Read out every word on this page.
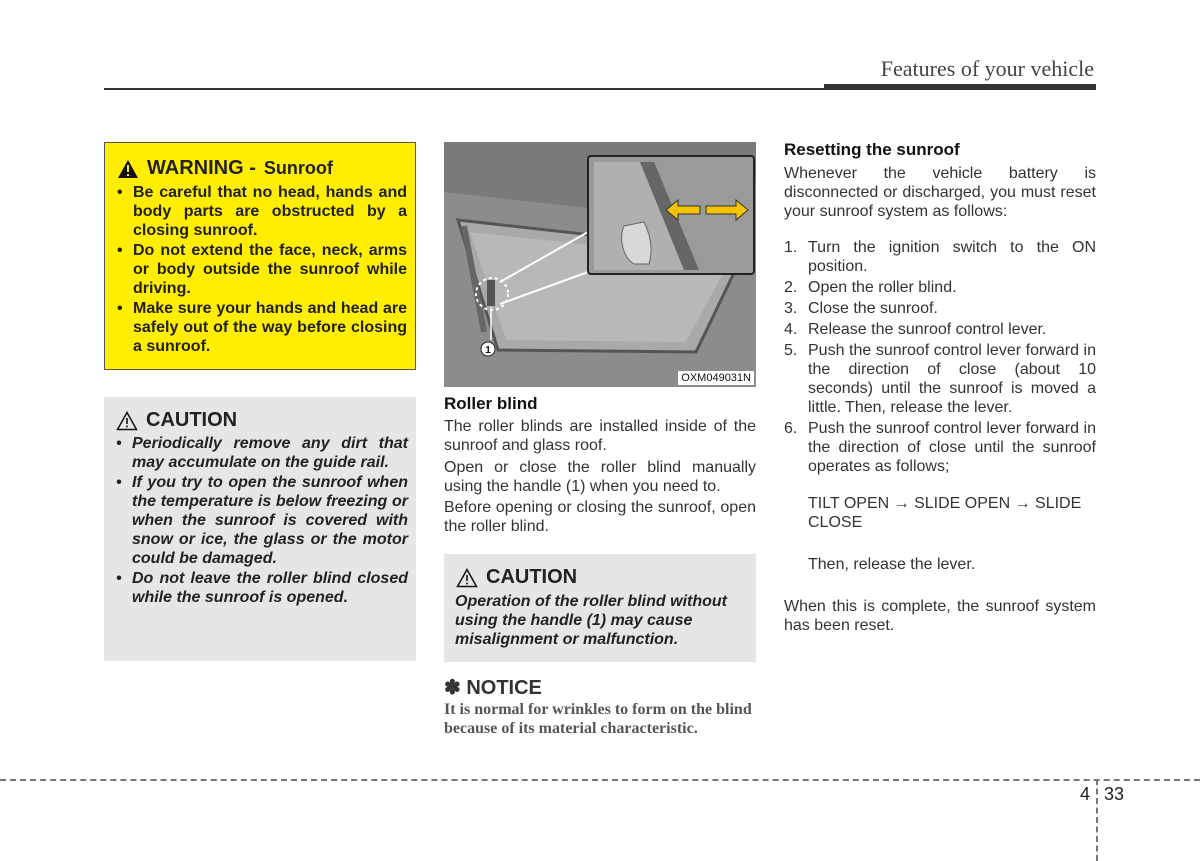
Features of your vehicle
WARNING - Sunroof
• Be careful that no head, hands and body parts are obstructed by a closing sunroof.
• Do not extend the face, neck, arms or body outside the sunroof while driving.
• Make sure your hands and head are safely out of the way before closing a sunroof.
CAUTION
• Periodically remove any dirt that may accumulate on the guide rail.
• If you try to open the sunroof when the temperature is below freezing or when the sunroof is covered with snow or ice, the glass or the motor could be damaged.
• Do not leave the roller blind closed while the sunroof is opened.
1
OXM049031N
Roller blind
The roller blinds are installed inside of the sunroof and glass roof.
Open or close the roller blind manually using the handle (1) when you need to.
Before opening or closing the sunroof, open the roller blind.
CAUTION
Operation of the roller blind without using the handle (1) may cause misalignment or malfunction.
✽ NOTICE
It is normal for wrinkles to form on the blind because of its material characteristic.
Resetting the sunroof
Whenever the vehicle battery is disconnected or discharged, you must reset your sunroof system as follows:
1. Turn the ignition switch to the ON position.
2. Open the roller blind.
3. Close the sunroof.
4. Release the sunroof control lever.
5. Push the sunroof control lever forward in the direction of close (about 10 seconds) until the sunroof is moved a little. Then, release the lever.
6. Push the sunroof control lever forward in the direction of close until the sunroof operates as follows;
TILT OPEN → SLIDE OPEN → SLIDE CLOSE
Then, release the lever.
When this is complete, the sunroof system has been reset.
4 33
